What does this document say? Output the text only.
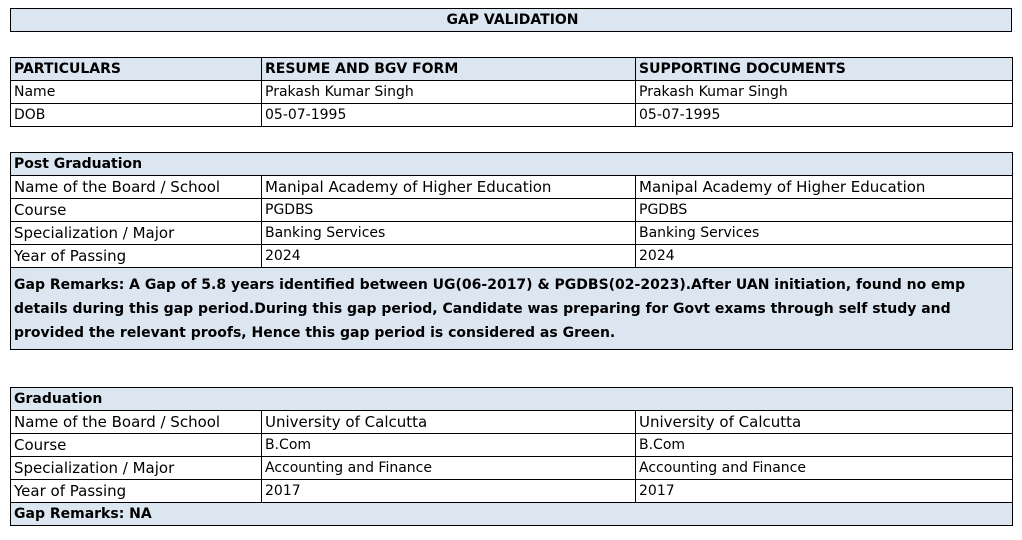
GAP VALIDATION
PARTICULARS	RESUME AND BGV FORM	SUPPORTING DOCUMENTS
Name	Prakash Kumar Singh	Prakash Kumar Singh
DOB	05-07-1995	05-07-1995
Post Graduation		
Name of the Board / School	Manipal Academy of Higher Education	Manipal Academy of Higher Education
Course	PGDBS	PGDBS
Specialization / Major	Banking Services	Banking Services
Year of Passing	2024	2024
Gap Remarks: A Gap of 5.8 years identified between UG(06-2017) & PGDBS(02-2023).After UAN initiation, found no emp details during this gap period.During this gap period, Candidate was preparing for Govt exams through self study and provided the relevant proofs, Hence this gap period is considered as Green.		
Graduation		
Name of the Board / School	University of Calcutta	University of Calcutta
Course	B.Com	B.Com
Specialization / Major	Accounting and Finance	Accounting and Finance
Year of Passing	2017	2017
Gap Remarks: NA		
